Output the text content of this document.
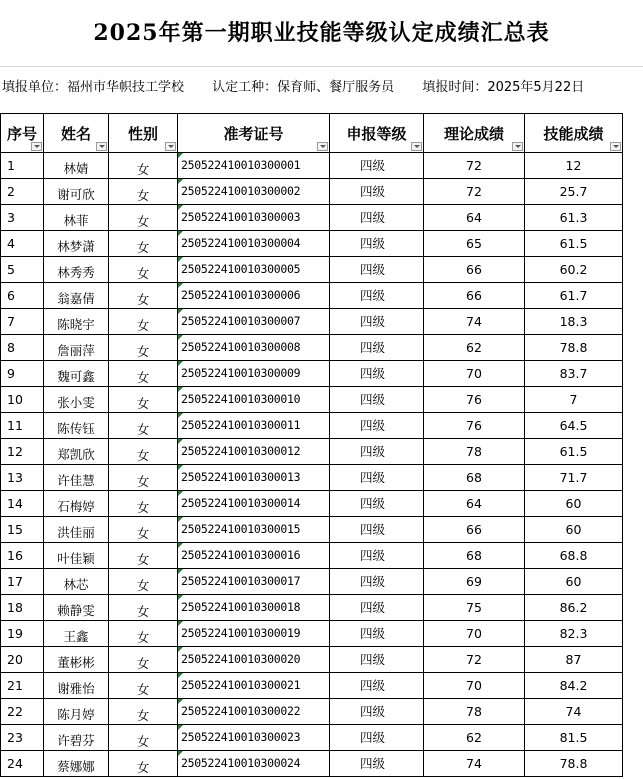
2025年第一期职业技能等级认定成绩汇总表
填报单位：福州市华帜技工学校 认定工种：保育师、餐厅服务员 填报时间：2025年5月22日
序号	姓名	性别	准考证号	申报等级	理论成绩	技能成绩

1	林婧	女	250522410010300001	四级	72	12
2	谢可欣	女	250522410010300002	四级	72	25.7
3	林菲	女	250522410010300003	四级	64	61.3
4	林梦潇	女	250522410010300004	四级	65	61.5
5	林秀秀	女	250522410010300005	四级	66	60.2
6	翁嘉倩	女	250522410010300006	四级	66	61.7
7	陈晓宇	女	250522410010300007	四级	74	18.3
8	詹丽萍	女	250522410010300008	四级	62	78.8
9	魏可鑫	女	250522410010300009	四级	70	83.7
10	张小雯	女	250522410010300010	四级	76	7
11	陈传钰	女	250522410010300011	四级	76	64.5
12	郑凯欣	女	250522410010300012	四级	78	61.5
13	许佳慧	女	250522410010300013	四级	68	71.7
14	石梅婷	女	250522410010300014	四级	64	60
15	洪佳丽	女	250522410010300015	四级	66	60
16	叶佳颖	女	250522410010300016	四级	68	68.8
17	林芯	女	250522410010300017	四级	69	60
18	赖静雯	女	250522410010300018	四级	75	86.2
19	王鑫	女	250522410010300019	四级	70	82.3
20	董彬彬	女	250522410010300020	四级	72	87
21	谢雅怡	女	250522410010300021	四级	70	84.2
22	陈月婷	女	250522410010300022	四级	78	74
23	许碧芬	女	250522410010300023	四级	62	81.5
24	蔡娜娜	女	250522410010300024	四级	74	78.8
